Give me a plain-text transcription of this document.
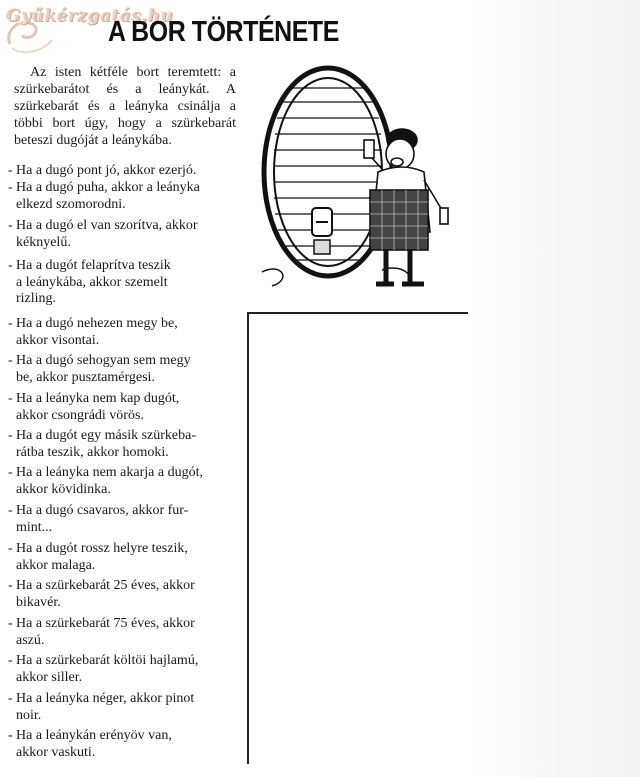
Gyűkérzgatás.hu
A BOR TÖRTÉNETE
Az isten kétféle bort teremtett: a szürkebarátot és a leánykát. A szürkebarát és a leányka csinálja a többi bort úgy, hogy a szürkebarát beteszi dugóját a leánykába.
- Ha a dugó pont jó, akkor ezerjó.
- Ha a dugó puha, akkor a leányka
elkezd szomorodni.
- Ha a dugó el van szorítva, akkor
kéknyelű.
- Ha a dugót felaprítva teszik
a leánykába, akkor szemelt
rizling.
- Ha a dugó nehezen megy be,
akkor visontai.
- Ha a dugó sehogyan sem megy
be, akkor pusztamérgesi.
- Ha a leányka nem kap dugót,
akkor csongrádi vörös.
- Ha a dugót egy másik szürkeba-
rátba teszik, akkor homoki.
- Ha a leányka nem akarja a dugót,
akkor kövidinka.
- Ha a dugó csavaros, akkor fur-
mint...
- Ha a dugót rossz helyre teszik,
akkor malaga.
- Ha a szürkebarát 25 éves, akkor
bikavér.
- Ha a szürkebarát 75 éves, akkor
aszú.
- Ha a szürkebarát költöi hajlamú,
akkor siller.
- Ha a leányka néger, akkor pinot
noir.
- Ha a leánykán erényöv van,
akkor vaskuti.
